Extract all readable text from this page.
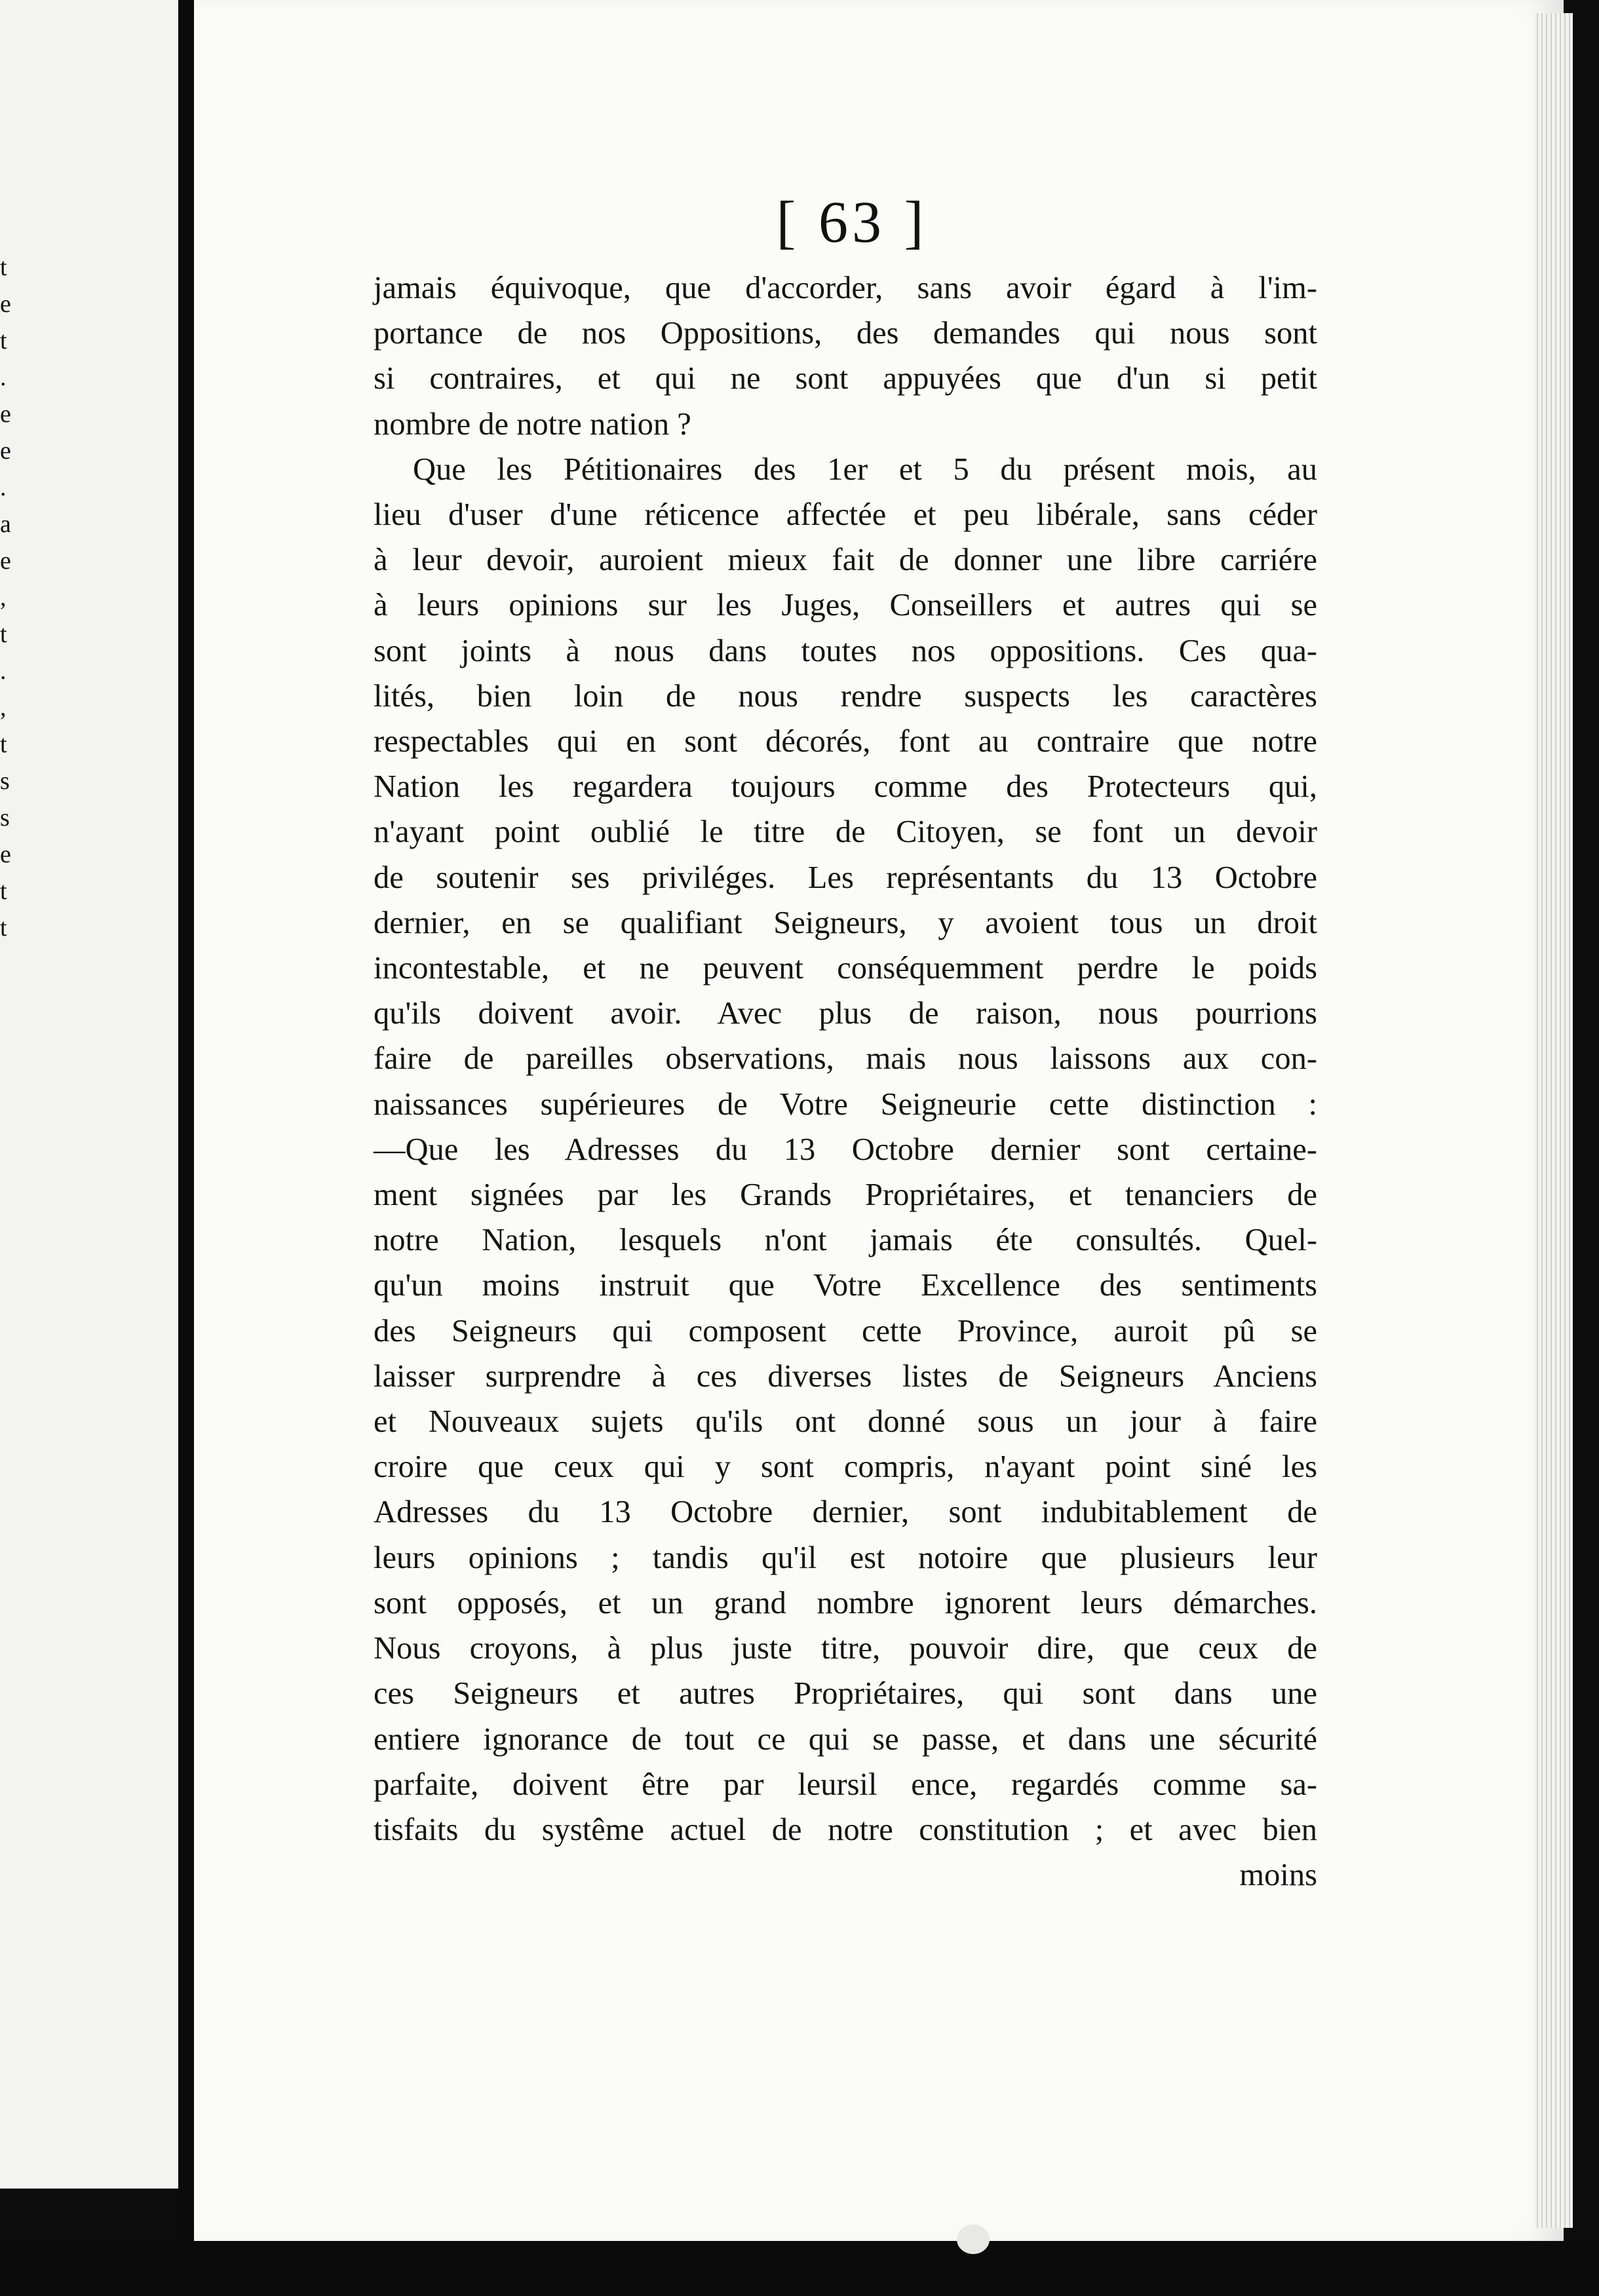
t
e
t
.
e
e
.
a
e
,
t
.
,
t
s
s
e
t
t
[ 63 ]
jamais équivoque, que d'accorder, sans avoir égard à l'im-
portance de nos Oppositions, des demandes qui nous sont
si contraires, et qui ne sont appuyées que d'un si petit
nombre de notre nation ?
Que les Pétitionaires des 1er et 5 du présent mois, au
lieu d'user d'une réticence affectée et peu libérale, sans céder
à leur devoir, auroient mieux fait de donner une libre carriére
à leurs opinions sur les Juges, Conseillers et autres qui se
sont joints à nous dans toutes nos oppositions. Ces qua-
lités, bien loin de nous rendre suspects les caractères
respectables qui en sont décorés, font au contraire que notre
Nation les regardera toujours comme des Protecteurs qui,
n'ayant point oublié le titre de Citoyen, se font un devoir
de soutenir ses priviléges. Les représentants du 13 Octobre
dernier, en se qualifiant Seigneurs, y avoient tous un droit
incontestable, et ne peuvent conséquemment perdre le poids
qu'ils doivent avoir. Avec plus de raison, nous pourrions
faire de pareilles observations, mais nous laissons aux con-
naissances supérieures de Votre Seigneurie cette distinction :
—Que les Adresses du 13 Octobre dernier sont certaine-
ment signées par les Grands Propriétaires, et tenanciers de
notre Nation, lesquels n'ont jamais éte consultés. Quel-
qu'un moins instruit que Votre Excellence des sentiments
des Seigneurs qui composent cette Province, auroit pû se
laisser surprendre à ces diverses listes de Seigneurs Anciens
et Nouveaux sujets qu'ils ont donné sous un jour à faire
croire que ceux qui y sont compris, n'ayant point siné les
Adresses du 13 Octobre dernier, sont indubitablement de
leurs opinions ; tandis qu'il est notoire que plusieurs leur
sont opposés, et un grand nombre ignorent leurs démarches.
Nous croyons, à plus juste titre, pouvoir dire, que ceux de
ces Seigneurs et autres Propriétaires, qui sont dans une
entiere ignorance de tout ce qui se passe, et dans une sécurité
parfaite, doivent être par leursil ence, regardés comme sa-
tisfaits du systême actuel de notre constitution ; et avec bien
moins
